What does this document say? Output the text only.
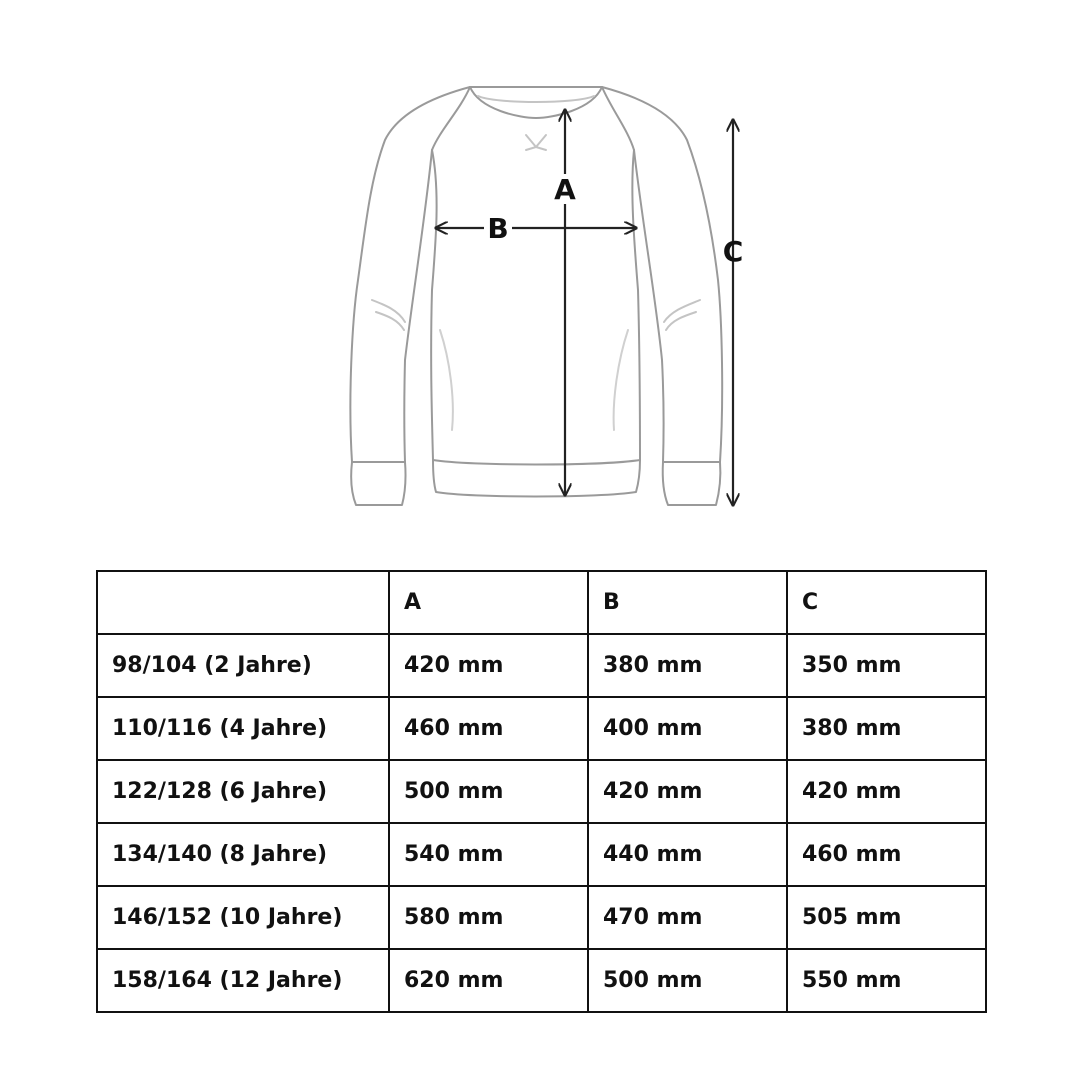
A
B
C
	A	B	C
98/104 (2 Jahre)	420 mm	380 mm	350 mm
110/116 (4 Jahre)	460 mm	400 mm	380 mm
122/128 (6 Jahre)	500 mm	420 mm	420 mm
134/140 (8 Jahre)	540 mm	440 mm	460 mm
146/152 (10 Jahre)	580 mm	470 mm	505 mm
158/164 (12 Jahre)	620 mm	500 mm	550 mm
